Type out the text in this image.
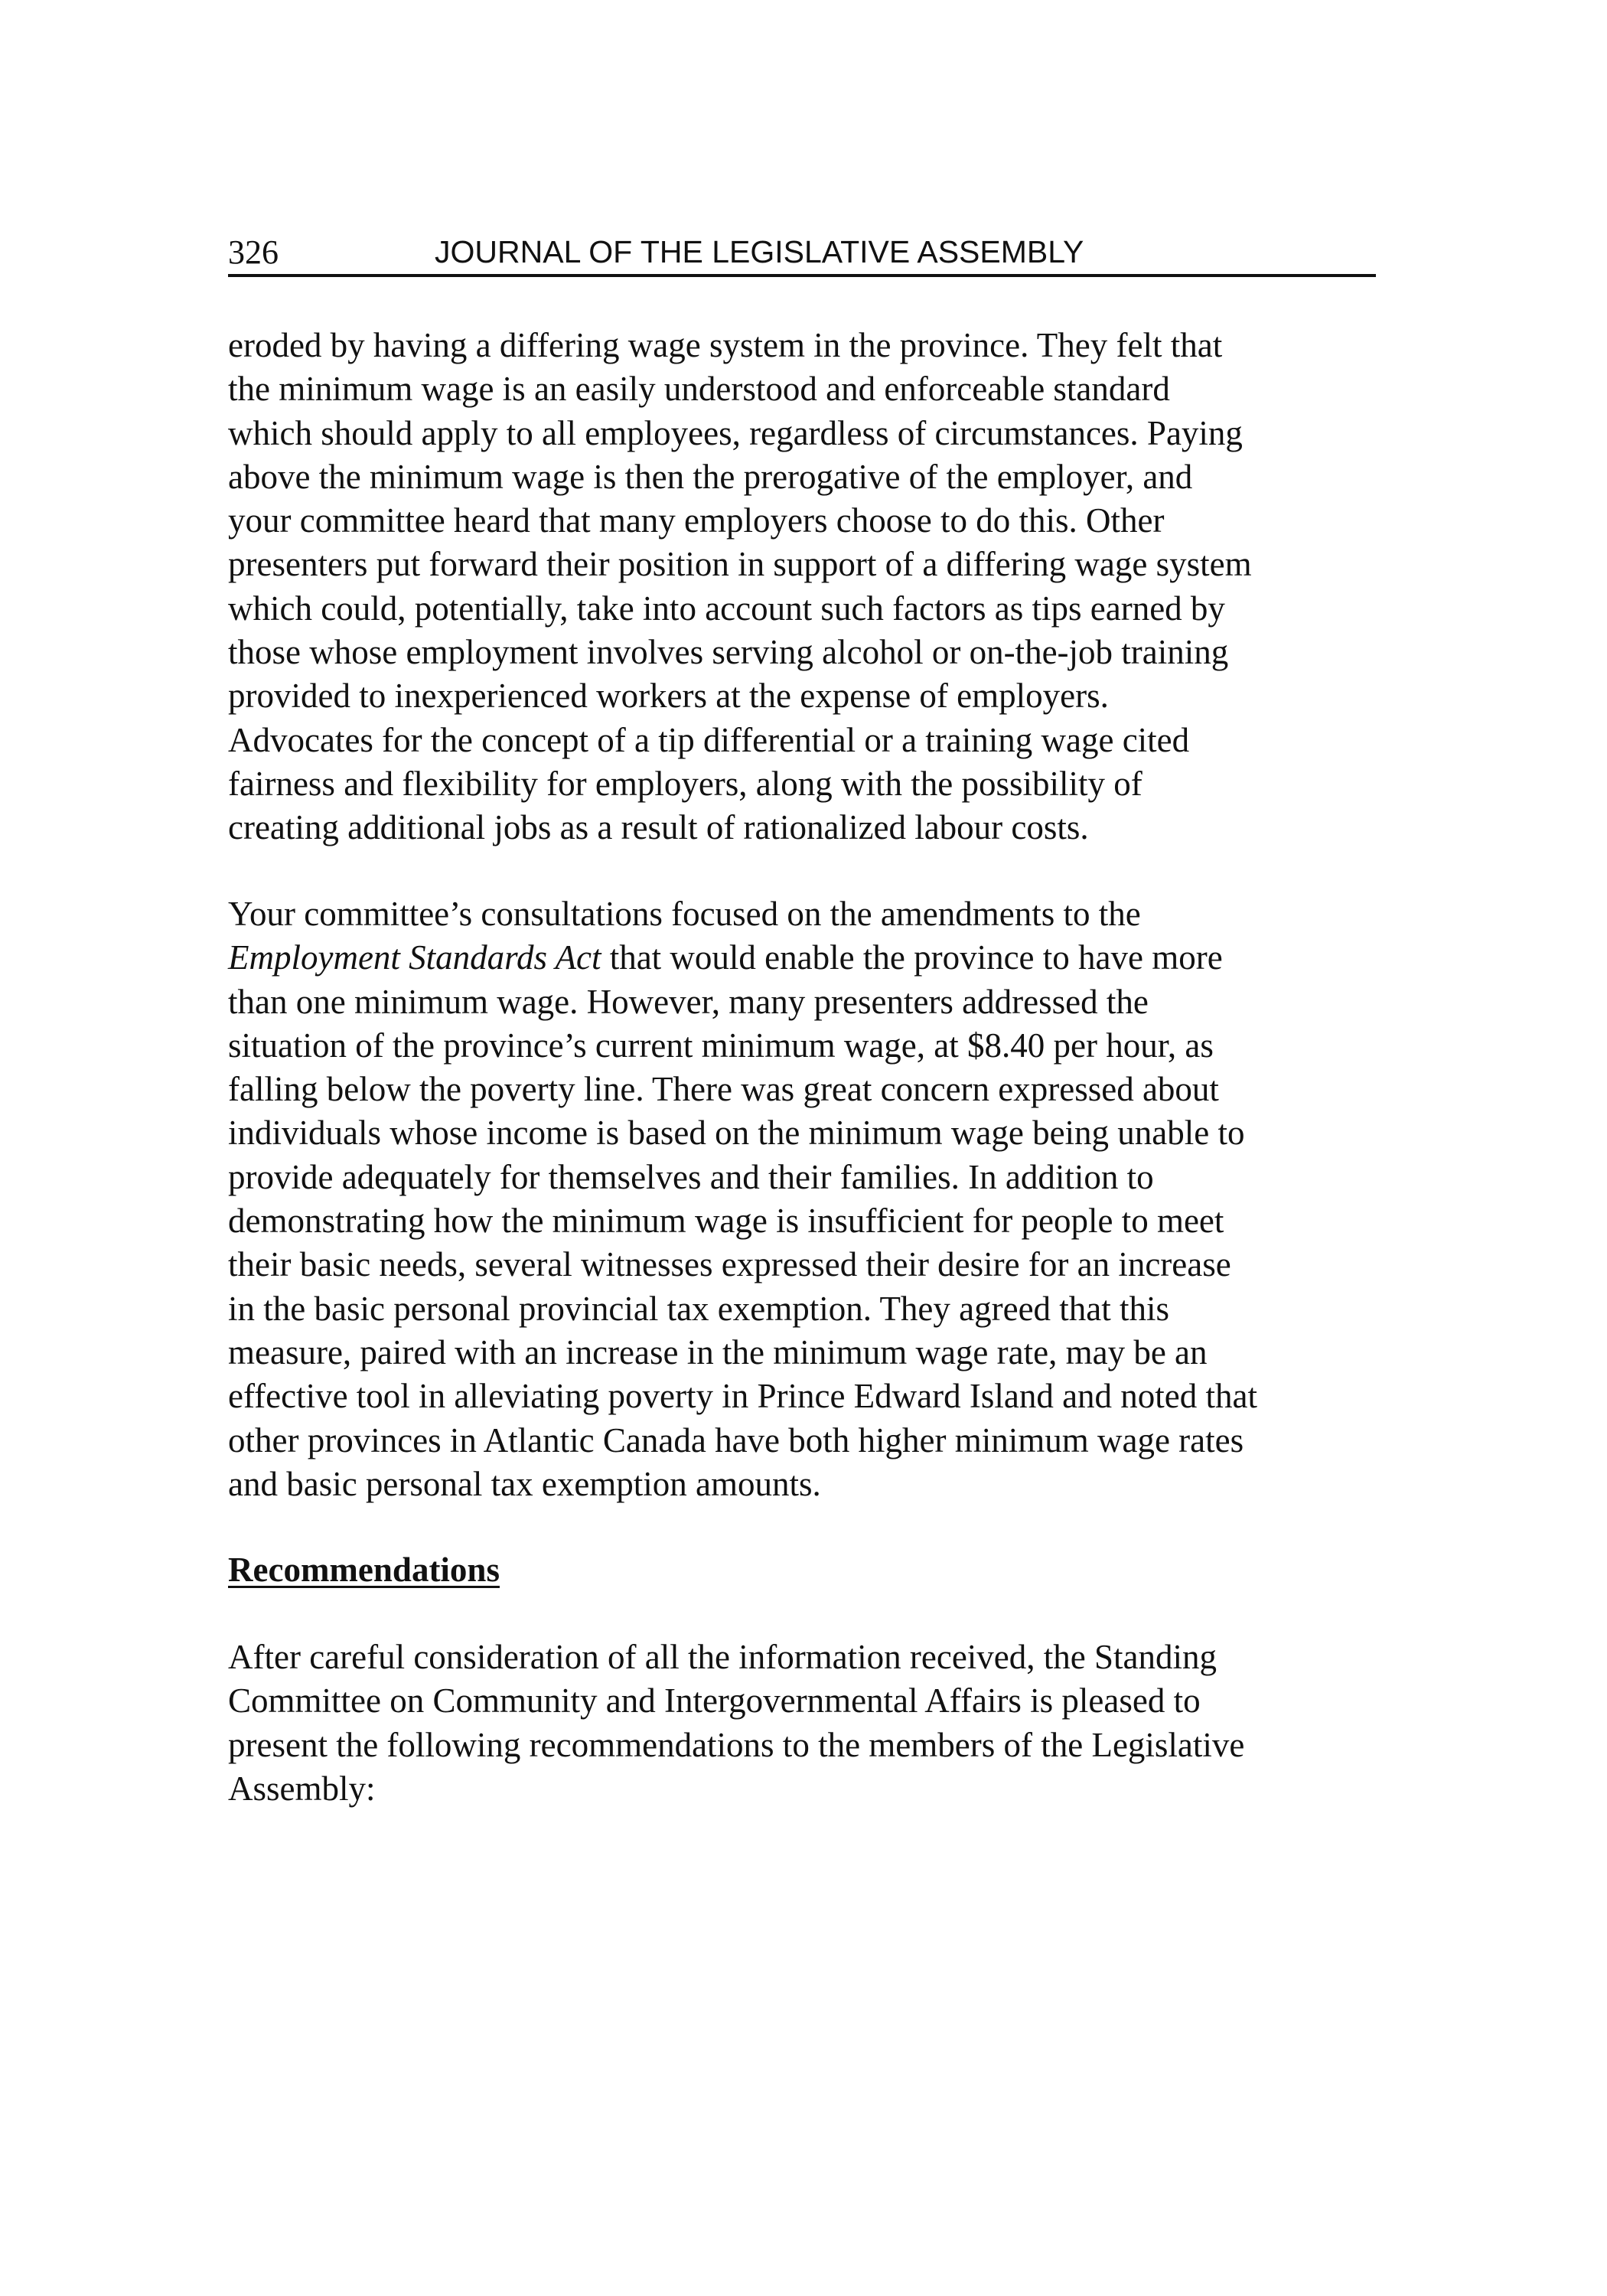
326	JOURNAL OF THE LEGISLATIVE ASSEMBLY

eroded by having a differing wage system in the province. They felt that
the minimum wage is an easily understood and enforceable standard
which should apply to all employees, regardless of circumstances. Paying
above the minimum wage is then the prerogative of the employer, and
your committee heard that many employers choose to do this. Other
presenters put forward their position in support of a differing wage system
which could, potentially, take into account such factors as tips earned by
those whose employment involves serving alcohol or on-the-job training
provided to inexperienced workers at the expense of employers.
Advocates for the concept of a tip differential or a training wage cited
fairness and flexibility for employers, along with the possibility of
creating additional jobs as a result of rationalized labour costs.

Your committee’s consultations focused on the amendments to the
Employment Standards Act that would enable the province to have more
than one minimum wage. However, many presenters addressed the
situation of the province’s current minimum wage, at $8.40 per hour, as
falling below the poverty line. There was great concern expressed about
individuals whose income is based on the minimum wage being unable to
provide adequately for themselves and their families. In addition to
demonstrating how the minimum wage is insufficient for people to meet
their basic needs, several witnesses expressed their desire for an increase
in the basic personal provincial tax exemption. They agreed that this
measure, paired with an increase in the minimum wage rate, may be an
effective tool in alleviating poverty in Prince Edward Island and noted that
other provinces in Atlantic Canada have both higher minimum wage rates
and basic personal tax exemption amounts.

Recommendations

After careful consideration of all the information received, the Standing
Committee on Community and Intergovernmental Affairs is pleased to
present the following recommendations to the members of the Legislative
Assembly:
